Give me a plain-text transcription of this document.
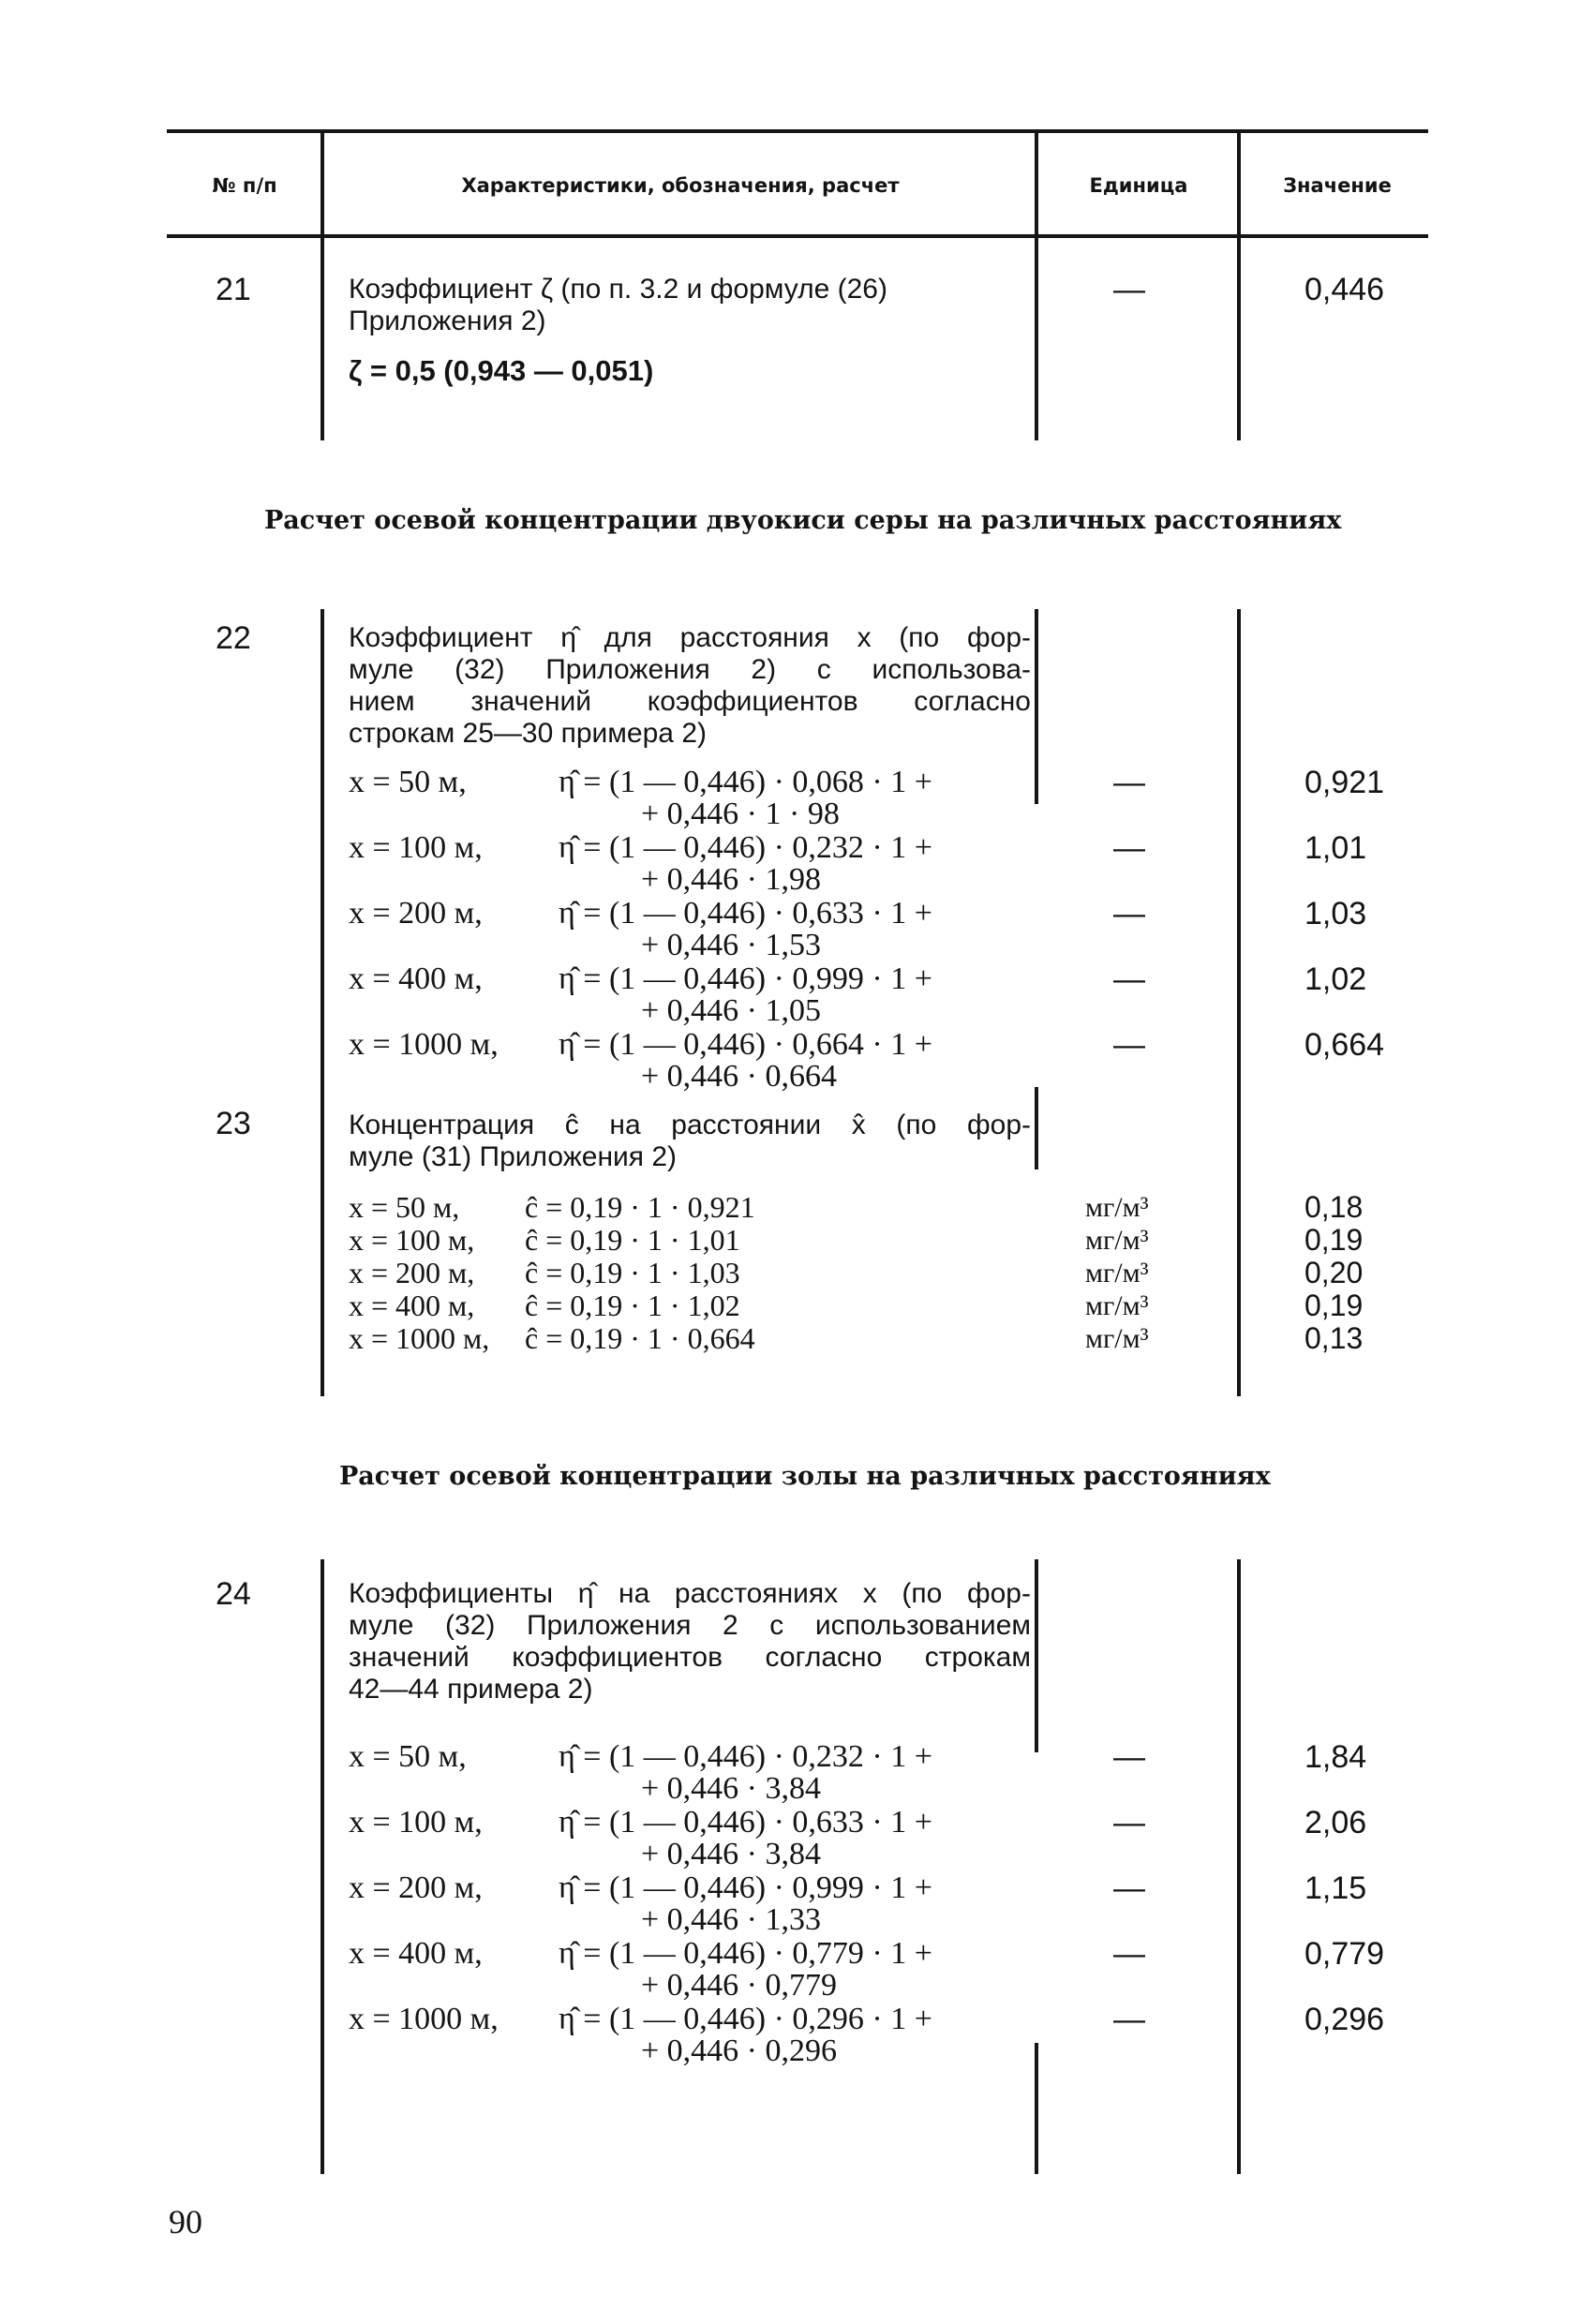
№ п/п	Характеристики, обозначения, расчет	Единица	Значение
21	Коэффициент ζ (по п. 3.2 и формуле (26)
Приложения 2)
ζ = 0,5 (0,943 — 0,051)
—	0,446
Расчет осевой концентрации двуокиси серы на различных расстояниях
22	Коэффициент η̂ для расстояния x (по фор-
муле (32) Приложения 2) с использова-
нием значений коэффициентов согласно
строкам 25—30 примера 2)
x = 50 м,	η̂ = (1 — 0,446) · 0,068 · 1 +
+ 0,446 · 1 · 98
—	0,921
x = 100 м, η̂ = (1 — 0,446) · 0,232 · 1 +
+ 0,446 · 1,98
—	1,01
x = 200 м, η̂ = (1 — 0,446) · 0,633 · 1 +
+ 0,446 · 1,53
—	1,03
x = 400 м, η̂ = (1 — 0,446) · 0,999 · 1 +
+ 0,446 · 1,05
—	1,02
x = 1000 м, η̂ = (1 — 0,446) · 0,664 · 1 +
+ 0,446 · 0,664
—	0,664
23	Концентрация ĉ на расстоянии x̂ (по фор-
муле (31) Приложения 2)
x = 50 м, ĉ = 0,19 · 1 · 0,921	мг/м³	0,18
x = 100 м, ĉ = 0,19 · 1 · 1,01	мг/м³	0,19
x = 200 м, ĉ = 0,19 · 1 · 1,03	мг/м³	0,20
x = 400 м, ĉ = 0,19 · 1 · 1,02	мг/м³	0,19
x = 1000 м, ĉ = 0,19 · 1 · 0,664	мг/м³	0,13
Расчет осевой концентрации золы на различных расстояниях
24	Коэффициенты η̂ на расстояниях x (по фор-
муле (32) Приложения 2 с использованием
значений коэффициентов согласно строкам
42—44 примера 2)
x = 50 м,	η̂ = (1 — 0,446) · 0,232 · 1 +
+ 0,446 · 3,84
—	1,84
x = 100 м, η̂ = (1 — 0,446) · 0,633 · 1 +
+ 0,446 · 3,84
—	2,06
x = 200 м, η̂ = (1 — 0,446) · 0,999 · 1 +
+ 0,446 · 1,33
—	1,15
x = 400 м, η̂ = (1 — 0,446) · 0,779 · 1 +
+ 0,446 · 0,779
—	0,779
x = 1000 м, η̂ = (1 — 0,446) · 0,296 · 1 +
+ 0,446 · 0,296
—	0,296
90
